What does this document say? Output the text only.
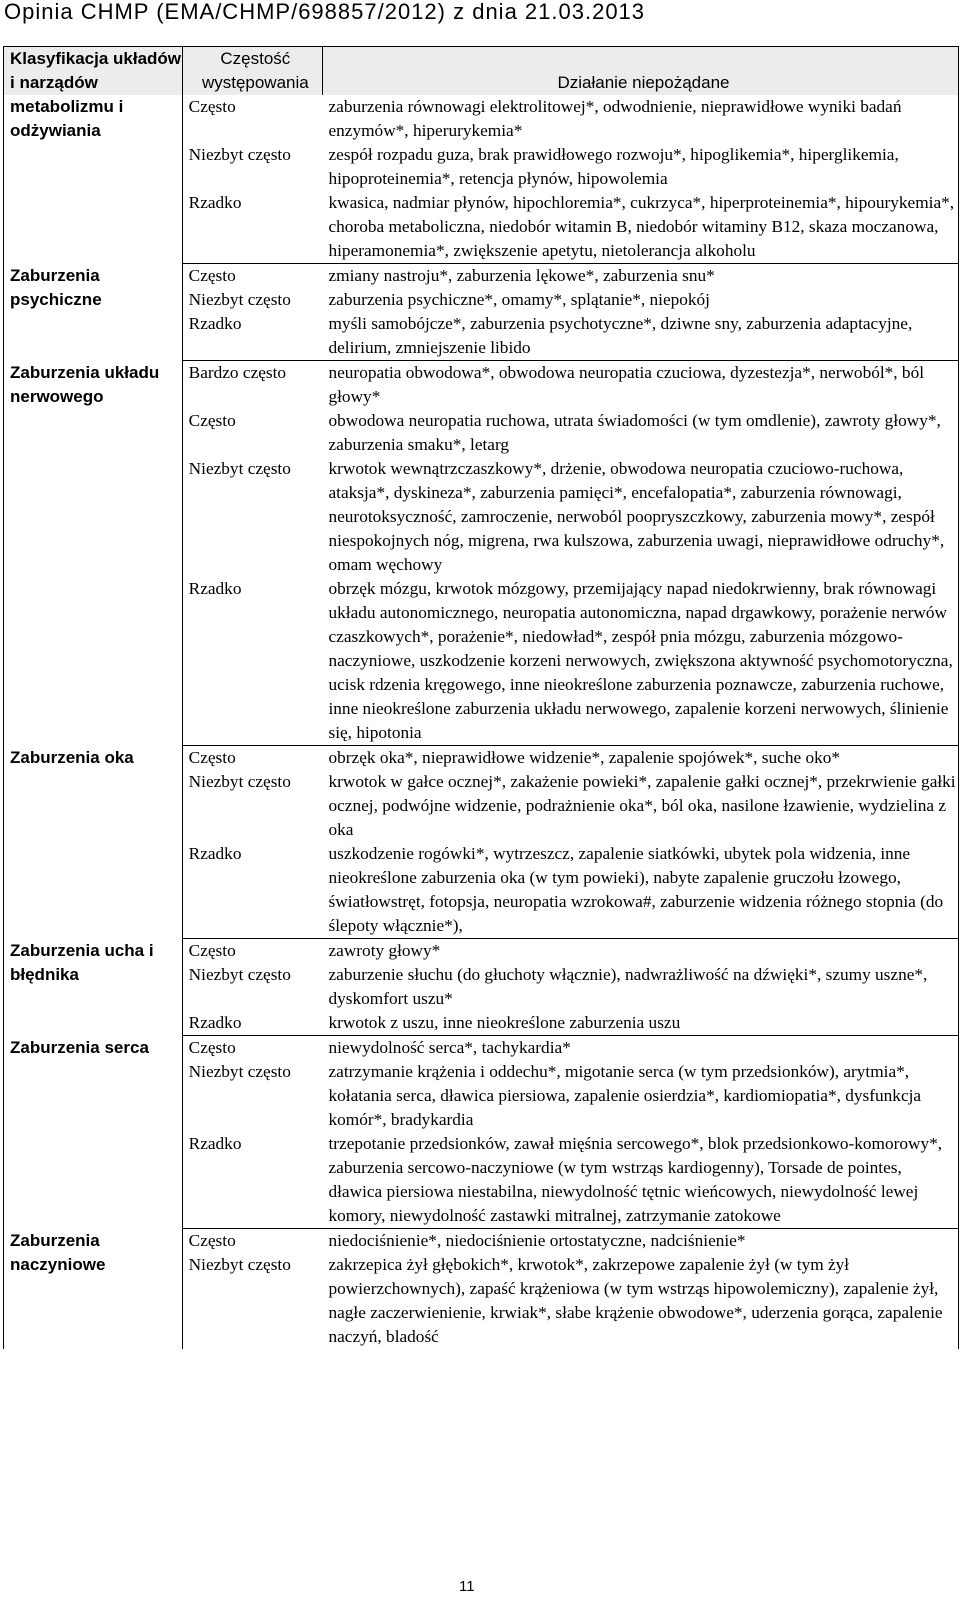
Opinia CHMP (EMA/CHMP/698857/2012) z dnia 21.03.2013
Klasyfikacja układów i narządów	Częstość występowania	Działanie niepożądane
metabolizmu i odżywiania	Często	zaburzenia równowagi elektrolitowej*, odwodnienie, nieprawidłowe wyniki badań enzymów*, hiperurykemia*
	Niezbyt często	zespół rozpadu guza, brak prawidłowego rozwoju*, hipoglikemia*, hiperglikemia, hipoproteinemia*, retencja płynów, hipowolemia
	Rzadko	kwasica, nadmiar płynów, hipochloremia*, cukrzyca*, hiperproteinemia*, hipourykemia*, choroba metaboliczna, niedobór witamin B, niedobór witaminy B12, skaza moczanowa, hiperamonemia*, zwiększenie apetytu, nietolerancja alkoholu
Zaburzenia psychiczne	Często	zmiany nastroju*, zaburzenia lękowe*, zaburzenia snu*
	Niezbyt często	zaburzenia psychiczne*, omamy*, splątanie*, niepokój
	Rzadko	myśli samobójcze*, zaburzenia psychotyczne*, dziwne sny, zaburzenia adaptacyjne, delirium, zmniejszenie libido
Zaburzenia układu nerwowego	Bardzo często	neuropatia obwodowa*, obwodowa neuropatia czuciowa, dyzestezja*, nerwoból*, ból głowy*
	Często	obwodowa neuropatia ruchowa, utrata świadomości (w tym omdlenie), zawroty głowy*, zaburzenia smaku*, letarg
	Niezbyt często	krwotok wewnątrzczaszkowy*, drżenie, obwodowa neuropatia czuciowo-ruchowa, ataksja*, dyskineza*, zaburzenia pamięci*, encefalopatia*, zaburzenia równowagi, neurotoksyczność, zamroczenie, nerwoból poopryszczkowy, zaburzenia mowy*, zespół niespokojnych nóg, migrena, rwa kulszowa, zaburzenia uwagi, nieprawidłowe odruchy*, omam węchowy
	Rzadko	obrzęk mózgu, krwotok mózgowy, przemijający napad niedokrwienny, brak równowagi układu autonomicznego, neuropatia autonomiczna, napad drgawkowy, porażenie nerwów czaszkowych*, porażenie*, niedowład*, zespół pnia mózgu, zaburzenia mózgowo-naczyniowe, uszkodzenie korzeni nerwowych, zwiększona aktywność psychomotoryczna, ucisk rdzenia kręgowego, inne nieokreślone zaburzenia poznawcze, zaburzenia ruchowe, inne nieokreślone zaburzenia układu nerwowego, zapalenie korzeni nerwowych, ślinienie się, hipotonia
Zaburzenia oka	Często	obrzęk oka*, nieprawidłowe widzenie*, zapalenie spojówek*, suche oko*
	Niezbyt często	krwotok w gałce ocznej*, zakażenie powieki*, zapalenie gałki ocznej*, przekrwienie gałki ocznej, podwójne widzenie, podrażnienie oka*, ból oka, nasilone łzawienie, wydzielina z oka
	Rzadko	uszkodzenie rogówki*, wytrzeszcz, zapalenie siatkówki, ubytek pola widzenia, inne nieokreślone zaburzenia oka (w tym powieki), nabyte zapalenie gruczołu łzowego, światłowstręt, fotopsja, neuropatia wzrokowa#, zaburzenie widzenia różnego stopnia (do ślepoty włącznie*),
Zaburzenia ucha i błędnika	Często	zawroty głowy*
	Niezbyt często	zaburzenie słuchu (do głuchoty włącznie), nadwrażliwość na dźwięki*, szumy uszne*, dyskomfort uszu*
	Rzadko	krwotok z uszu, inne nieokreślone zaburzenia uszu
Zaburzenia serca	Często	niewydolność serca*, tachykardia*
	Niezbyt często	zatrzymanie krążenia i oddechu*, migotanie serca (w tym przedsionków), arytmia*, kołatania serca, dławica piersiowa, zapalenie osierdzia*, kardiomiopatia*, dysfunkcja komór*, bradykardia
	Rzadko	trzepotanie przedsionków, zawał mięśnia sercowego*, blok przedsionkowo-komorowy*, zaburzenia sercowo-naczyniowe (w tym wstrząs kardiogenny), Torsade de pointes, dławica piersiowa niestabilna, niewydolność tętnic wieńcowych, niewydolność lewej komory, niewydolność zastawki mitralnej, zatrzymanie zatokowe
Zaburzenia naczyniowe	Często	niedociśnienie*, niedociśnienie ortostatyczne, nadciśnienie*
	Niezbyt często	zakrzepica żył głębokich*, krwotok*, zakrzepowe zapalenie żył (w tym żył powierzchownych), zapaść krążeniowa (w tym wstrząs hipowolemiczny), zapalenie żył, nagłe zaczerwienienie, krwiak*, słabe krążenie obwodowe*, uderzenia gorąca, zapalenie naczyń, bladość
11
